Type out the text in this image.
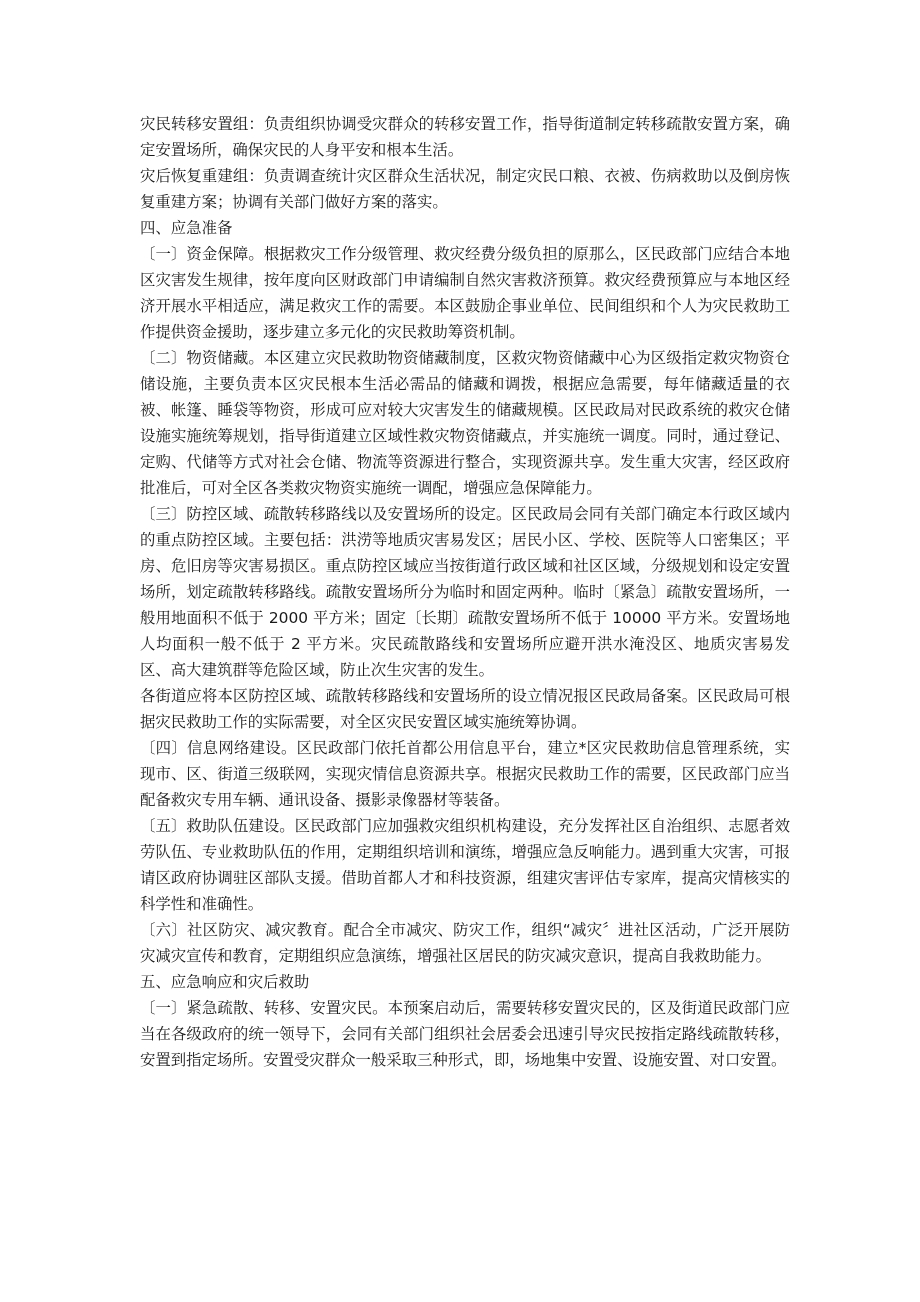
灾民转移安置组：负责组织协调受灾群众的转移安置工作，指导街道制定转移疏散安置方案，确定安置场所，确保灾民的人身平安和根本生活。

灾后恢复重建组：负责调查统计灾区群众生活状况，制定灾民口粮、衣被、伤病救助以及倒房恢复重建方案；协调有关部门做好方案的落实。

四、应急准备

〔一〕资金保障。根据救灾工作分级管理、救灾经费分级负担的原那么，区民政部门应结合本地区灾害发生规律，按年度向区财政部门申请编制自然灾害救济预算。救灾经费预算应与本地区经济开展水平相适应，满足救灾工作的需要。本区鼓励企事业单位、民间组织和个人为灾民救助工作提供资金援助，逐步建立多元化的灾民救助筹资机制。

〔二〕物资储藏。本区建立灾民救助物资储藏制度，区救灾物资储藏中心为区级指定救灾物资仓储设施，主要负责本区灾民根本生活必需品的储藏和调拨，根据应急需要，每年储藏适量的衣被、帐篷、睡袋等物资，形成可应对较大灾害发生的储藏规模。区民政局对民政系统的救灾仓储设施实施统筹规划，指导街道建立区域性救灾物资储藏点，并实施统一调度。同时，通过登记、定购、代储等方式对社会仓储、物流等资源进行整合，实现资源共享。发生重大灾害，经区政府批准后，可对全区各类救灾物资实施统一调配，增强应急保障能力。

〔三〕防控区域、疏散转移路线以及安置场所的设定。区民政局会同有关部门确定本行政区域内的重点防控区域。主要包括：洪涝等地质灾害易发区；居民小区、学校、医院等人口密集区；平房、危旧房等灾害易损区。重点防控区域应当按街道行政区域和社区区域，分级规划和设定安置场所，划定疏散转移路线。疏散安置场所分为临时和固定两种。临时〔紧急〕疏散安置场所，一般用地面积不低于 2000 平方米；固定〔长期〕疏散安置场所不低于 10000 平方米。安置场地人均面积一般不低于 2 平方米。灾民疏散路线和安置场所应避开洪水淹没区、地质灾害易发区、高大建筑群等危险区域，防止次生灾害的发生。

各街道应将本区防控区域、疏散转移路线和安置场所的设立情况报区民政局备案。区民政局可根据灾民救助工作的实际需要，对全区灾民安置区域实施统筹协调。

〔四〕信息网络建设。区民政部门依托首都公用信息平台，建立*区灾民救助信息管理系统，实现市、区、街道三级联网，实现灾情信息资源共享。根据灾民救助工作的需要，区民政部门应当配备救灾专用车辆、通讯设备、摄影录像器材等装备。

〔五〕救助队伍建设。区民政部门应加强救灾组织机构建设，充分发挥社区自治组织、志愿者效劳队伍、专业救助队伍的作用，定期组织培训和演练，增强应急反响能力。遇到重大灾害，可报请区政府协调驻区部队支援。借助首都人才和科技资源，组建灾害评估专家库，提高灾情核实的科学性和准确性。

〔六〕社区防灾、减灾教育。配合全市减灾、防灾工作，组织“减灾〞进社区活动，广泛开展防灾减灾宣传和教育，定期组织应急演练，增强社区居民的防灾减灾意识，提高自我救助能力。

五、应急响应和灾后救助

〔一〕紧急疏散、转移、安置灾民。本预案启动后，需要转移安置灾民的，区及街道民政部门应当在各级政府的统一领导下，会同有关部门组织社会居委会迅速引导灾民按指定路线疏散转移，安置到指定场所。安置受灾群众一般采取三种形式，即，场地集中安置、设施安置、对口安置。
